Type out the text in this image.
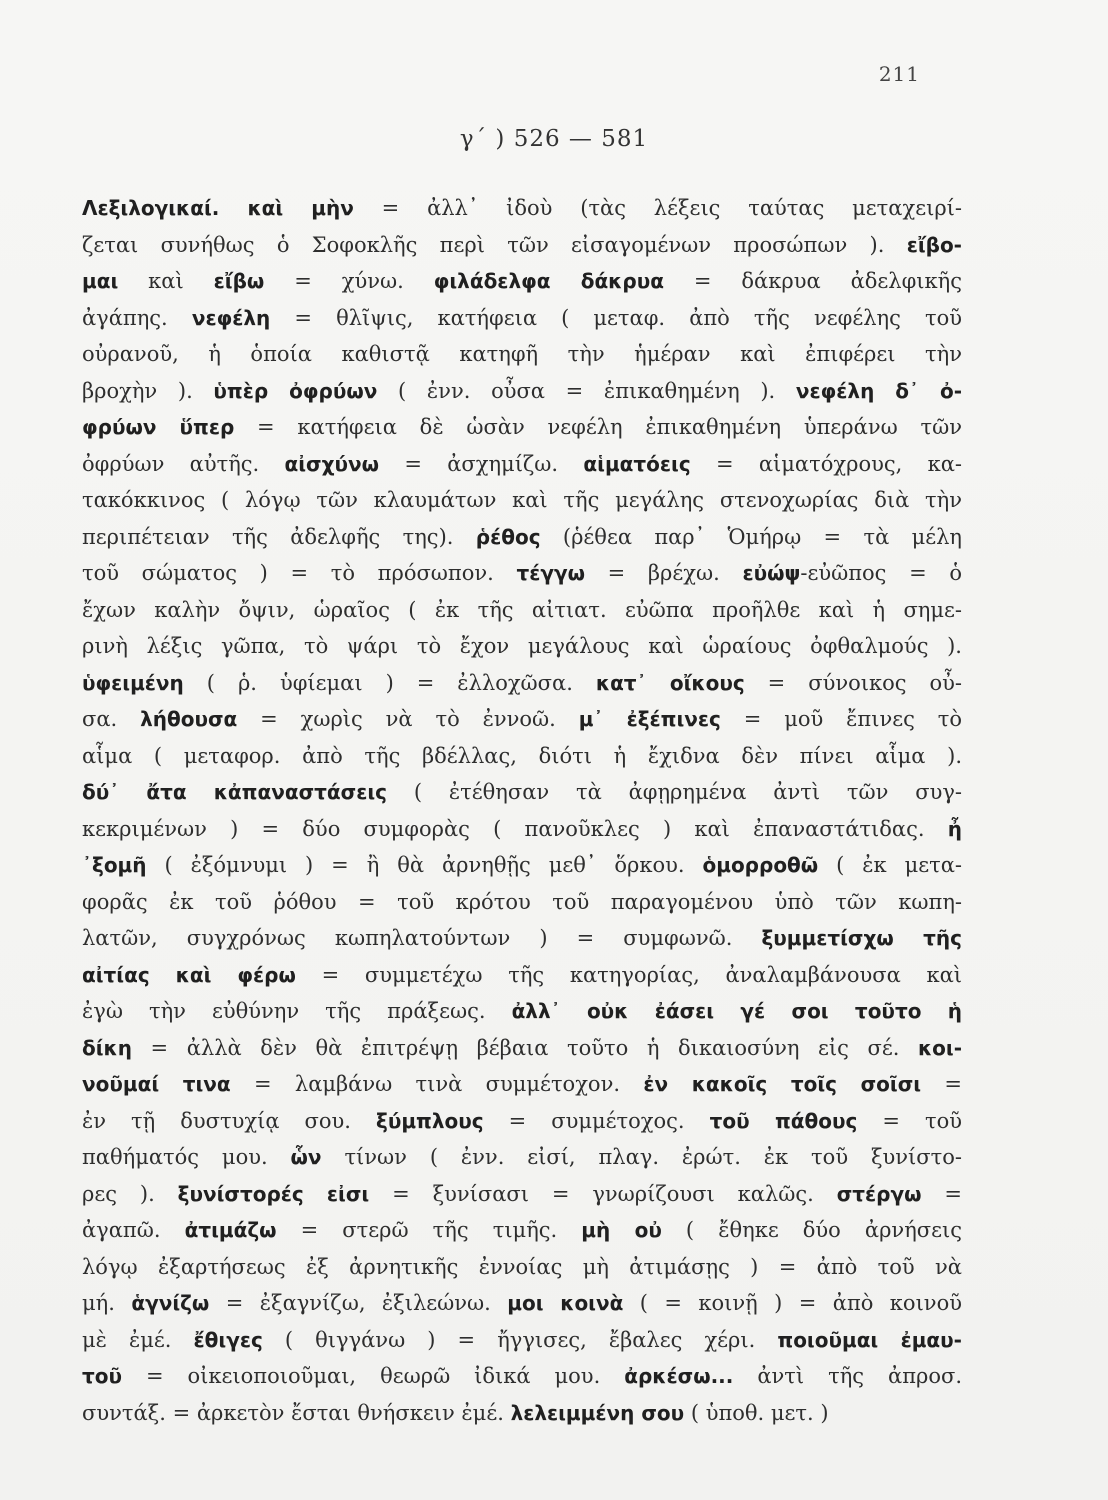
211
γ΄ ) 526 — 581
Λεξιλογικαί. καὶ μὴν = ἀλλ᾽ ἰδοὺ (τὰς λέξεις ταύτας μεταχειρί-
ζεται συνήθως ὁ Σοφοκλῆς περὶ τῶν εἰσαγομένων προσώπων ). εἴβο-
μαι καὶ εἴβω = χύνω. φιλάδελφα δάκρυα = δάκρυα ἀδελφικῆς
ἀγάπης. νεφέλη = θλῖψις, κατήφεια ( μεταφ. ἀπὸ τῆς νεφέλης τοῦ
οὐρανοῦ, ἡ ὁποία καθιστᾷ κατηφῆ τὴν ἡμέραν καὶ ἐπιφέρει τὴν
βροχὴν ). ὑπὲρ ὀφρύων ( ἐνν. οὖσα = ἐπικαθημένη ). νεφέλη δ᾽ ὀ-
φρύων ὕπερ = κατήφεια δὲ ὡσὰν νεφέλη ἐπικαθημένη ὑπεράνω τῶν
ὀφρύων αὐτῆς. αἰσχύνω = ἀσχημίζω. αἱματόεις = αἱματόχρους, κα-
τακόκκινος ( λόγῳ τῶν κλαυμάτων καὶ τῆς μεγάλης στενοχωρίας διὰ τὴν
περιπέτειαν τῆς ἀδελφῆς της). ῥέθος (ῥέθεα παρ᾽ Ὁμήρῳ = τὰ μέλη
τοῦ σώματος ) = τὸ πρόσωπον. τέγγω = βρέχω. εὐώψ-εὐῶπος = ὁ
ἔχων καλὴν ὄψιν, ὡραῖος ( ἐκ τῆς αἰτιατ. εὐῶπα προῆλθε καὶ ἡ σημε-
ρινὴ λέξις γῶπα, τὸ ψάρι τὸ ἔχον μεγάλους καὶ ὡραίους ὀφθαλμούς ).
ὑφειμένη ( ῥ. ὑφίεμαι ) = ἐλλοχῶσα. κατ᾽ οἴκους = σύνοικος οὖ-
σα. λήθουσα = χωρὶς νὰ τὸ ἐννοῶ. μ᾽ ἐξέπινες = μοῦ ἔπινες τὸ
αἷμα ( μεταφορ. ἀπὸ τῆς βδέλλας, διότι ἡ ἔχιδνα δὲν πίνει αἷμα ).
δύ᾽ ἄτα κἀπαναστάσεις ( ἐτέθησαν τὰ ἀφῃρημένα ἀντὶ τῶν συγ-
κεκριμένων ) = δύο συμφορὰς ( πανοῦκλες ) καὶ ἐπαναστάτιδας. ἦ
᾽ξομῆ ( ἐξόμνυμι ) = ἢ θὰ ἀρνηθῇς μεθ᾽ ὅρκου. ὁμορροθῶ ( ἐκ μετα-
φορᾶς ἐκ τοῦ ῥόθου = τοῦ κρότου τοῦ παραγομένου ὑπὸ τῶν κωπη-
λατῶν, συγχρόνως κωπηλατούντων ) = συμφωνῶ. ξυμμετίσχω τῆς
αἰτίας καὶ φέρω = συμμετέχω τῆς κατηγορίας, ἀναλαμβάνουσα καὶ
ἐγὼ τὴν εὐθύνην τῆς πράξεως. ἀλλ᾽ οὐκ ἐάσει γέ σοι τοῦτο ἡ
δίκη = ἀλλὰ δὲν θὰ ἐπιτρέψῃ βέβαια τοῦτο ἡ δικαιοσύνη εἰς σέ. κοι-
νοῦμαί τινα = λαμβάνω τινὰ συμμέτοχον. ἐν κακοῖς τοῖς σοῖσι =
ἐν τῇ δυστυχίᾳ σου. ξύμπλους = συμμέτοχος. τοῦ πάθους = τοῦ
παθήματός μου. ὧν τίνων ( ἐνν. εἰσί, πλαγ. ἐρώτ. ἐκ τοῦ ξυνίστο-
ρες ). ξυνίστορές εἰσι = ξυνίσασι = γνωρίζουσι καλῶς. στέργω =
ἀγαπῶ. ἀτιμάζω = στερῶ τῆς τιμῆς. μὴ οὐ ( ἔθηκε δύο ἀρνήσεις
λόγῳ ἐξαρτήσεως ἐξ ἀρνητικῆς ἐννοίας μὴ ἀτιμάσῃς ) = ἀπὸ τοῦ νὰ
μή. ἁγνίζω = ἐξαγνίζω, ἐξιλεώνω. μοι κοινὰ ( = κοινῇ ) = ἀπὸ κοινοῦ
μὲ ἐμέ. ἔθιγες ( θιγγάνω ) = ἤγγισες, ἔβαλες χέρι. ποιοῦμαι ἐμαυ-
τοῦ = οἰκειοποιοῦμαι, θεωρῶ ἰδικά μου. ἀρκέσω... ἀντὶ τῆς ἀπροσ.
συντάξ. = ἀρκετὸν ἔσται θνήσκειν ἐμέ. λελειμμένη σου ( ὑποθ. μετ. )
